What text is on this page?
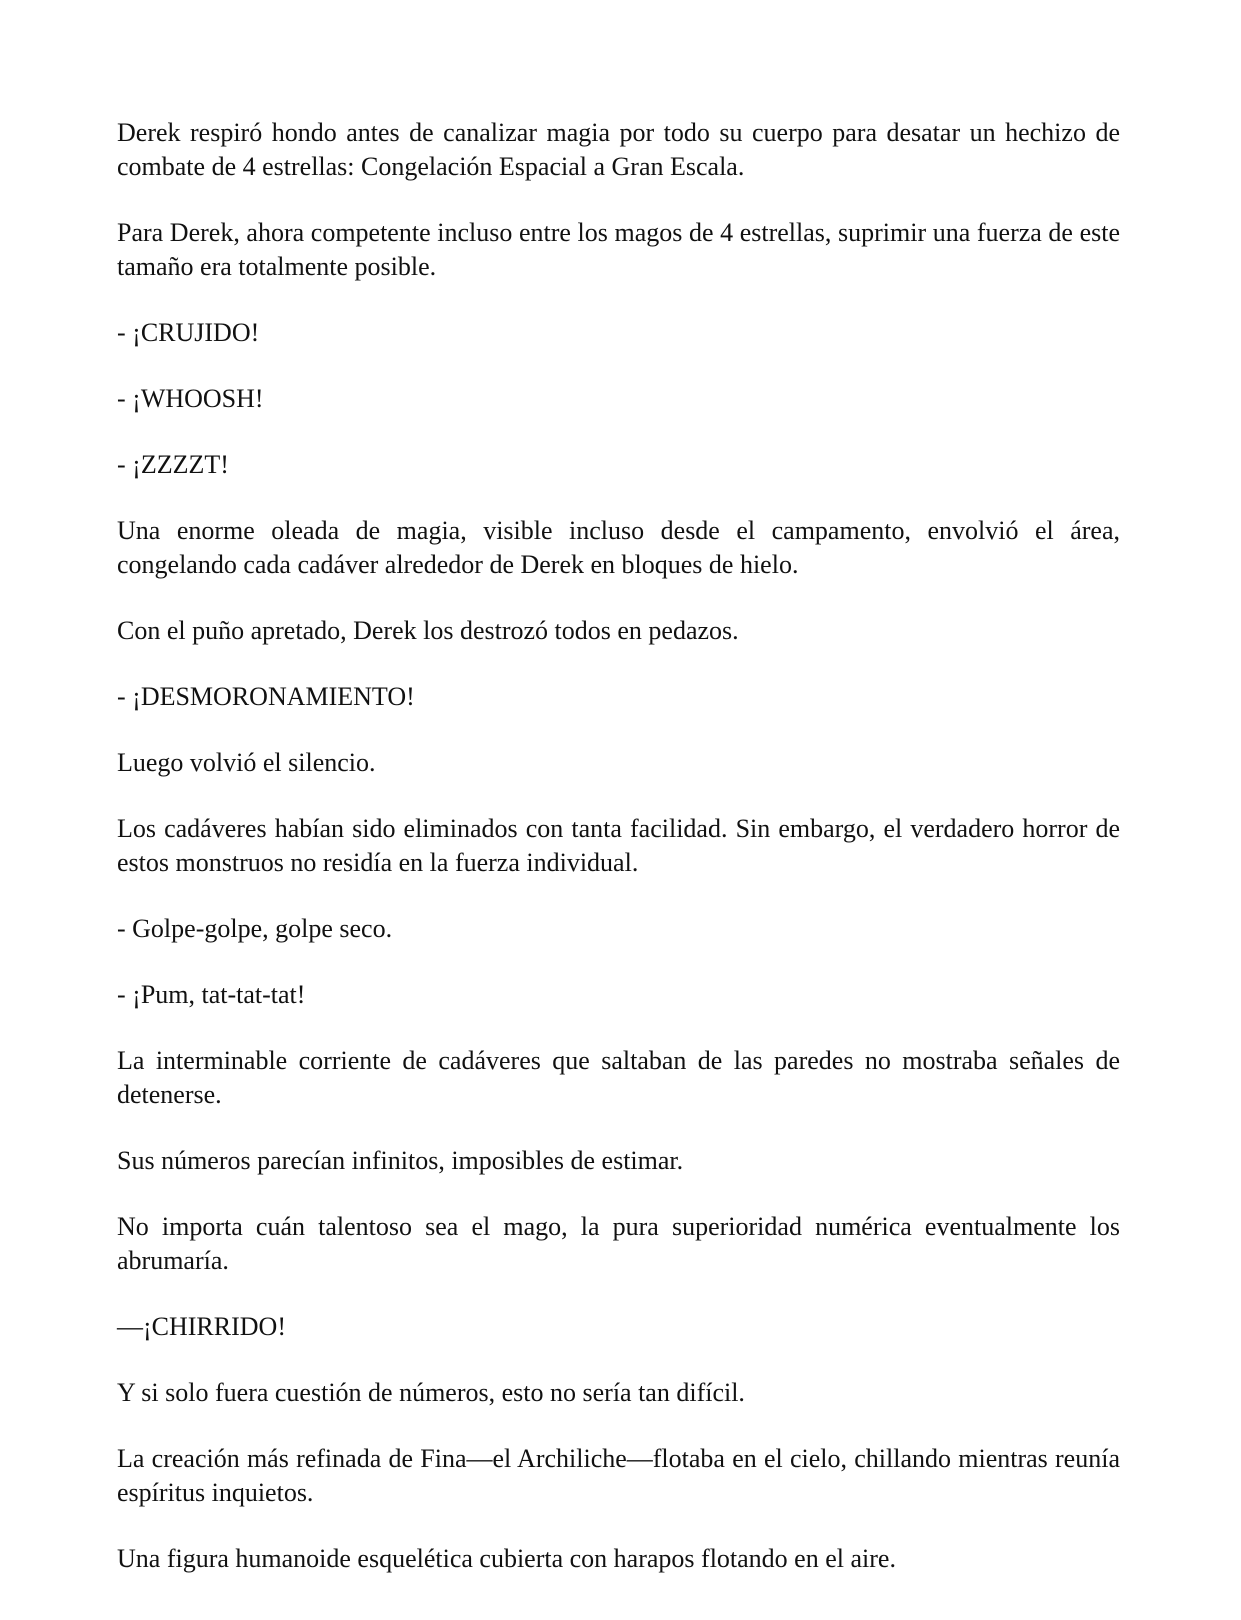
Derek respiró hondo antes de canalizar magia por todo su cuerpo para desatar un hechizo de combate de 4 estrellas: Congelación Espacial a Gran Escala.

Para Derek, ahora competente incluso entre los magos de 4 estrellas, suprimir una fuerza de este tamaño era totalmente posible.

- ¡CRUJIDO!

- ¡WHOOSH!

- ¡ZZZZT!

Una enorme oleada de magia, visible incluso desde el campamento, envolvió el área, congelando cada cadáver alrededor de Derek en bloques de hielo.

Con el puño apretado, Derek los destrozó todos en pedazos.

- ¡DESMORONAMIENTO!

Luego volvió el silencio.

Los cadáveres habían sido eliminados con tanta facilidad. Sin embargo, el verdadero horror de estos monstruos no residía en la fuerza individual.

- Golpe-golpe, golpe seco.

- ¡Pum, tat-tat-tat!

La interminable corriente de cadáveres que saltaban de las paredes no mostraba señales de detenerse.

Sus números parecían infinitos, imposibles de estimar.

No importa cuán talentoso sea el mago, la pura superioridad numérica eventualmente los abrumaría.

—¡CHIRRIDO!

Y si solo fuera cuestión de números, esto no sería tan difícil.

La creación más refinada de Fina—el Archiliche—flotaba en el cielo, chillando mientras reunía espíritus inquietos.

Una figura humanoide esquelética cubierta con harapos flotando en el aire.
